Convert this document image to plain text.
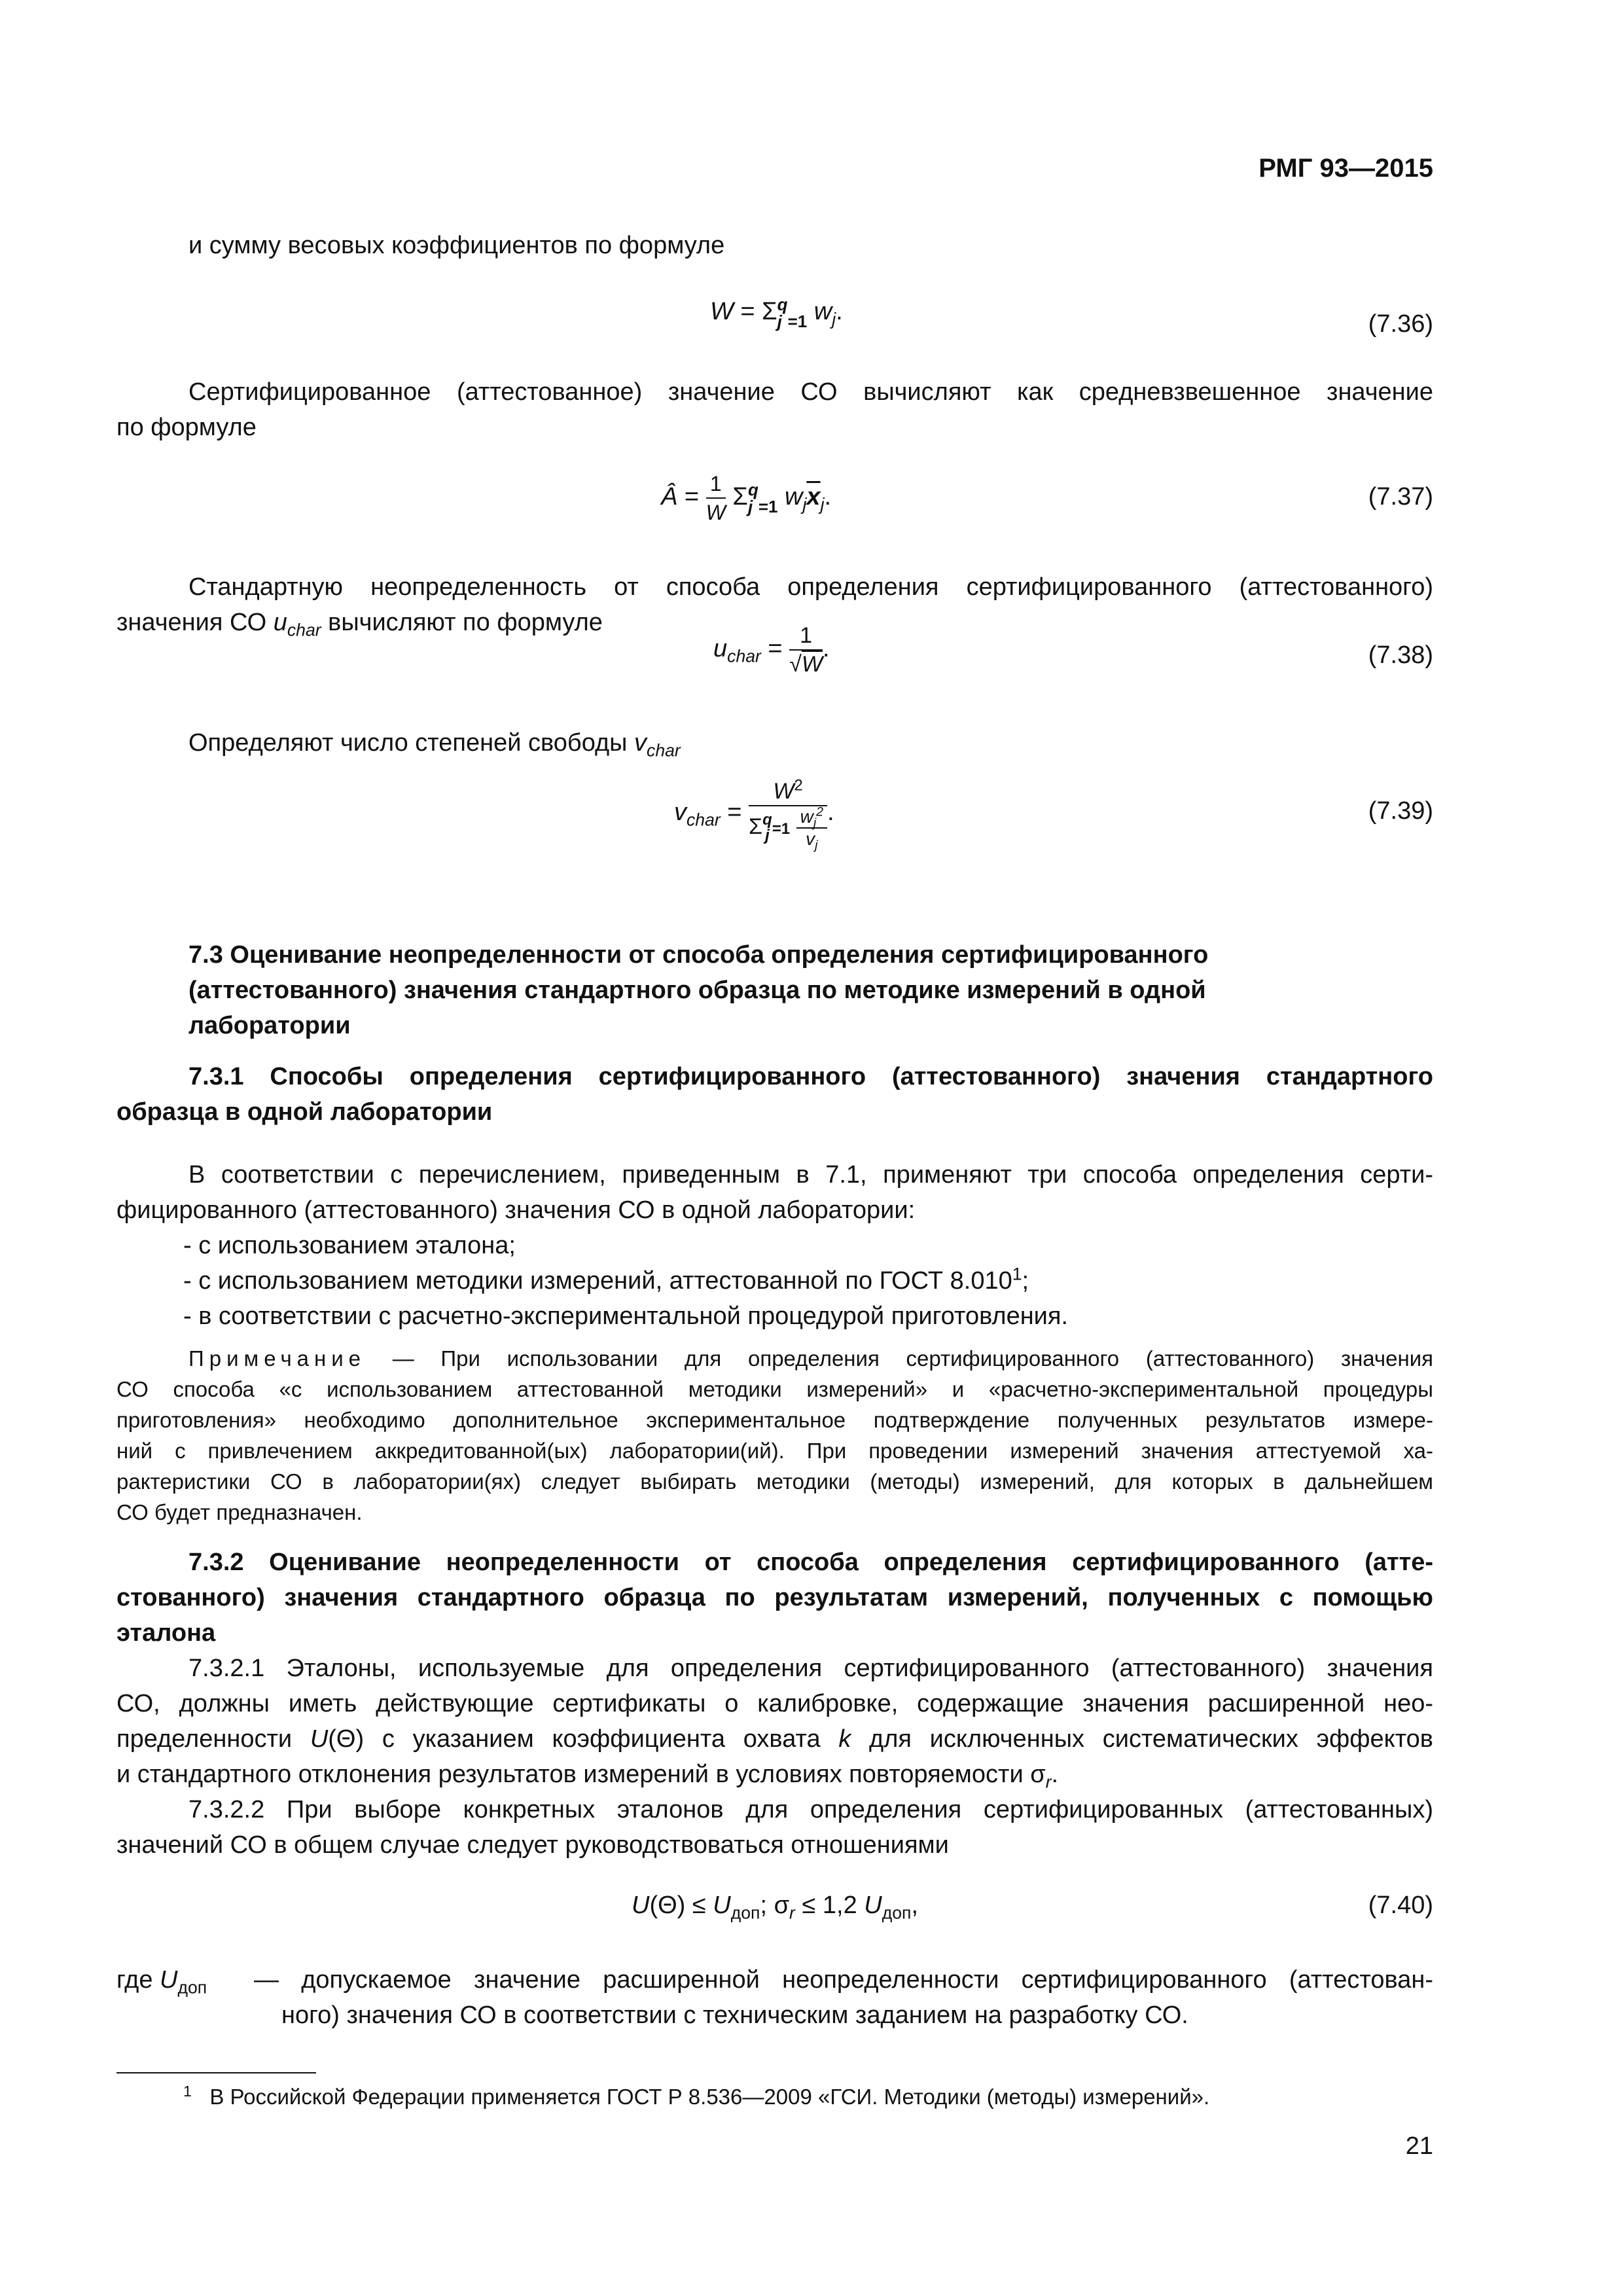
РМГ 93—2015
и сумму весовых коэффициентов по формуле
W = Σ q
j $_{=1}$ $w_j$.	(7.36)
Сертифицированное (аттестованное) значение СО вычисляют как средневзвешенное значение
по формуле
Â = $\frac{1}{W}$ Σ q
j $_{=1}$ $w_j\overline{x}_j$.	(7.37)
Стандартную неопределенность от способа определения сертифицированного (аттестованного)
значения СО $u_{char}$ вычисляют по формуле
$u_{char} = \frac{1}{√W}$ .	(7.38)
Определяют число степеней свободы $v_{char}$
$v_{char} = W^2$
Σ q
$j =1 \frac{w_j^2}{v_j}$ .	(7.39)
7.3 Оценивание неопределенности от способа определения сертифицированного
(аттестованного) значения стандартного образца по методике измерений в одной
лаборатории
7.3.1 Способы определения сертифицированного (аттестованного) значения стандартного
образца в одной лаборатории
В соответствии с перечислением, приведенным в 7.1, применяют три способа определения серти-
фицированного (аттестованного) значения СО в одной лаборатории:
- с использованием эталона;
- с использованием методики измерений, аттестованной по ГОСТ 8.010$^1$;
- в соответствии с расчетно-экспериментальной процедурой приготовления.
Примечание — При использовании для определения сертифицированного (аттестованного) значения
СО способа «с использованием аттестованной методики измерений» и «расчетно-экспериментальной процедуры
приготовления» необходимо дополнительное экспериментальное подтверждение полученных результатов измере-
ний с привлечением аккредитованной(ых) лаборатории(ий). При проведении измерений значения аттестуемой ха-
рактеристики СО в лаборатории(ях) следует выбирать методики (методы) измерений, для которых в дальнейшем
СО будет предназначен.
7.3.2 Оценивание неопределенности от способа определения сертифицированного (атте-
стованного) значения стандартного образца по результатам измерений, полученных с помощью
эталона
7.3.2.1 Эталоны, используемые для определения сертифицированного (аттестованного) значения
СО, должны иметь действующие сертификаты о калибровке, содержащие значения расширенной нео-
пределенности U(Θ) с указанием коэффициента охвата k для исключенных систематических эффектов
и стандартного отклонения результатов измерений в условиях повторяемости $\sigma_r$.
7.3.2.2 При выборе конкретных эталонов для определения сертифицированных (аттестованных)
значений СО в общем случае следует руководствоваться отношениями
$U(\Theta) \le U_{доп}$; $\sigma_r \le 1,2$ $U_{доп}$,	(7.40)
где $U_{доп}$ — допускаемое значение расширенной неопределенности сертифицированного (аттестован-
ного) значения СО в соответствии с техническим заданием на разработку СО.
$^1$ В Российской Федерации применяется ГОСТ Р 8.536—2009 «ГСИ. Методики (методы) измерений».
21
